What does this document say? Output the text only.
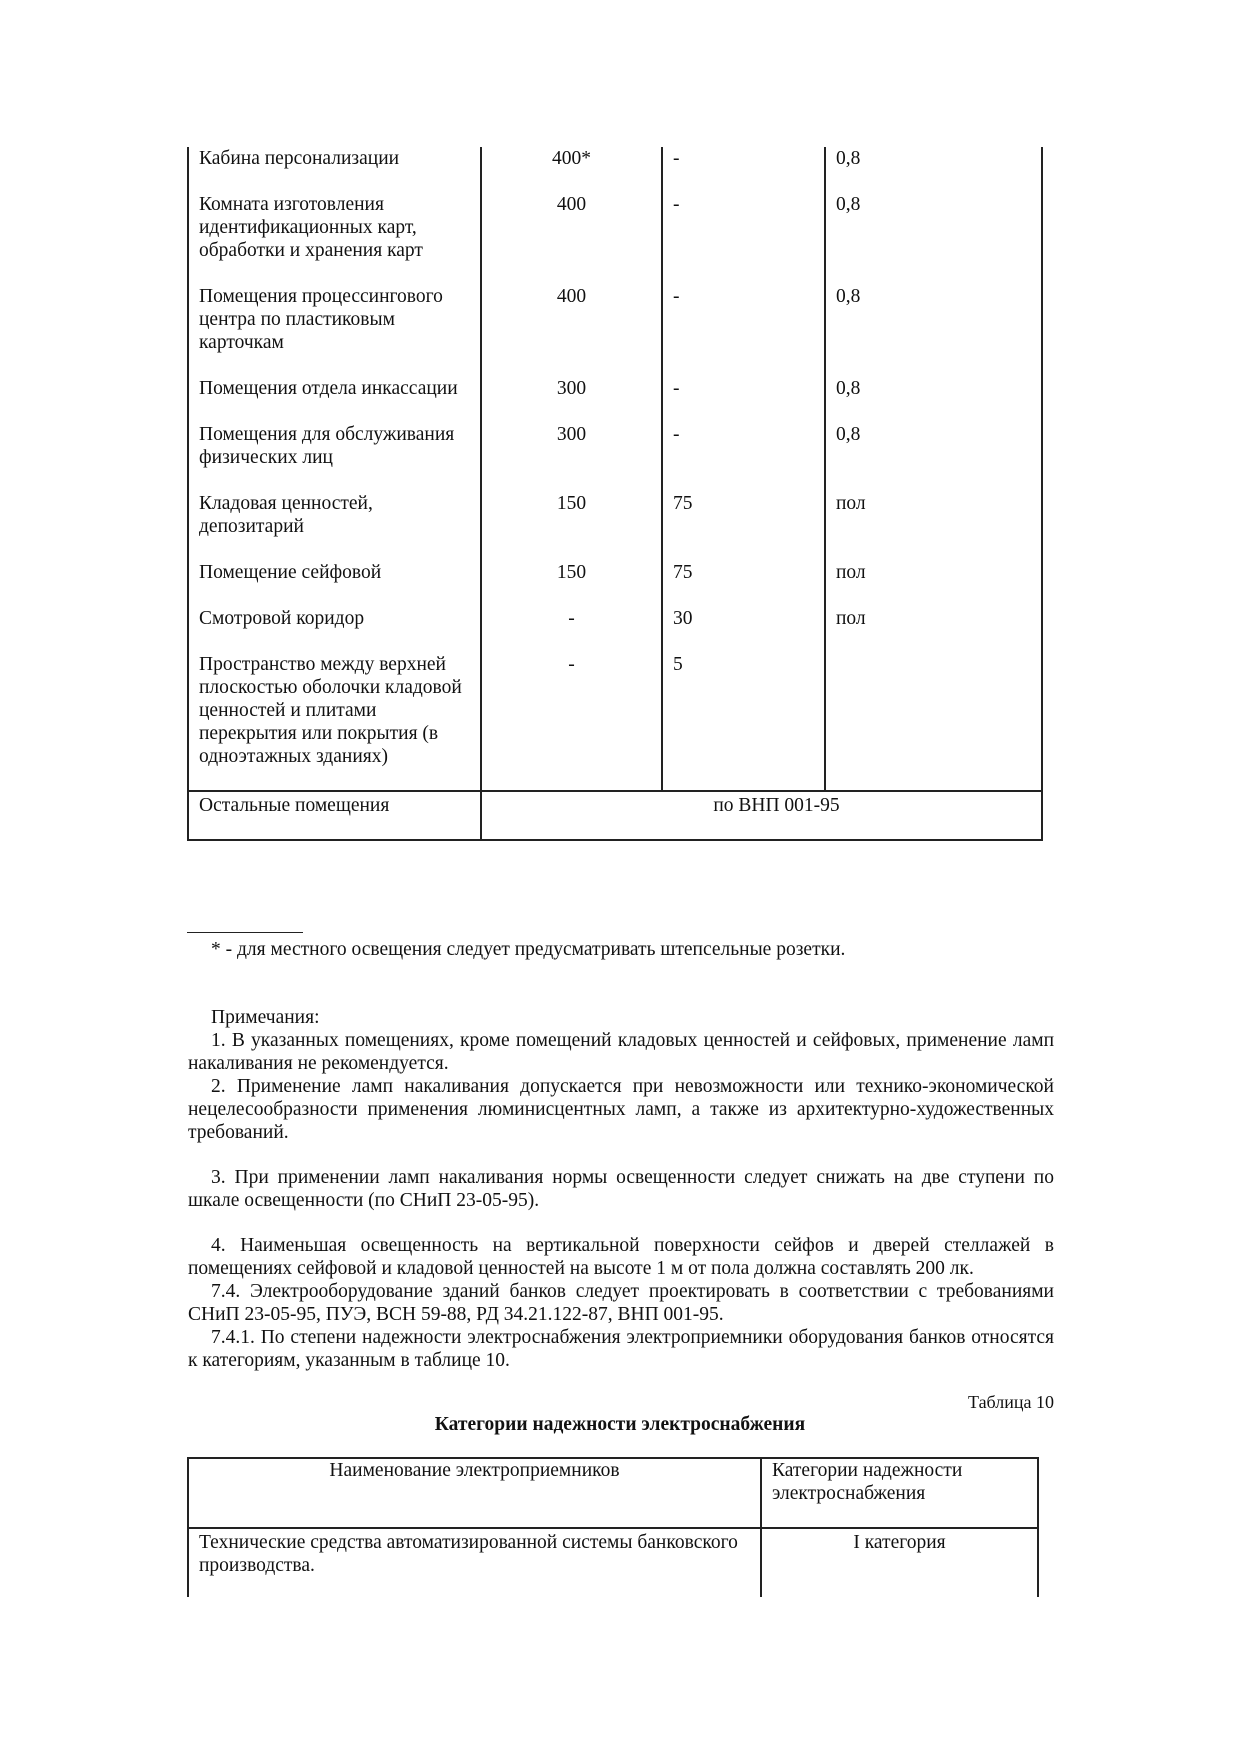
Кабина персонализации	400*	-	0,8
Комната изготовления идентификационных карт, обработки и хранения карт	400	-	0,8
Помещения процессингового центра по пластиковым карточкам	400	-	0,8
Помещения отдела инкассации	300	-	0,8
Помещения для обслуживания физических лиц	300	-	0,8
Кладовая ценностей, депозитарий	150	75	пол
Помещение сейфовой	150	75	пол
Смотровой коридор	-	30	пол
Пространство между верхней плоскостью оболочки кладовой ценностей и плитами перекрытия или покрытия (в одноэтажных зданиях)	-	5	
Остальные помещения	по ВНП 001-95		
* - для местного освещения следует предусматривать штепсельные розетки.
Примечания:
1. В указанных помещениях, кроме помещений кладовых ценностей и сейфовых, применение ламп накаливания не рекомендуется.
2. Применение ламп накаливания допускается при невозможности или технико-экономической нецелесообразности применения люминисцентных ламп, а также из архитектурно-художественных требований.
3. При применении ламп накаливания нормы освещенности следует снижать на две ступени по шкале освещенности (по СНиП 23-05-95).
4. Наименьшая освещенность на вертикальной поверхности сейфов и дверей стеллажей в помещениях сейфовой и кладовой ценностей на высоте 1 м от пола должна составлять 200 лк.
7.4. Электрооборудование зданий банков следует проектировать в соответствии с требованиями СНиП 23-05-95, ПУЭ, ВСН 59-88, РД 34.21.122-87, ВНП 001-95.
7.4.1. По степени надежности электроснабжения электроприемники оборудования банков относятся к категориям, указанным в таблице 10.
Таблица 10
Категории надежности электроснабжения
Наименование электроприемников	Категории надежности электроснабжения
Технические средства автоматизированной системы банковского производства.	I категория
